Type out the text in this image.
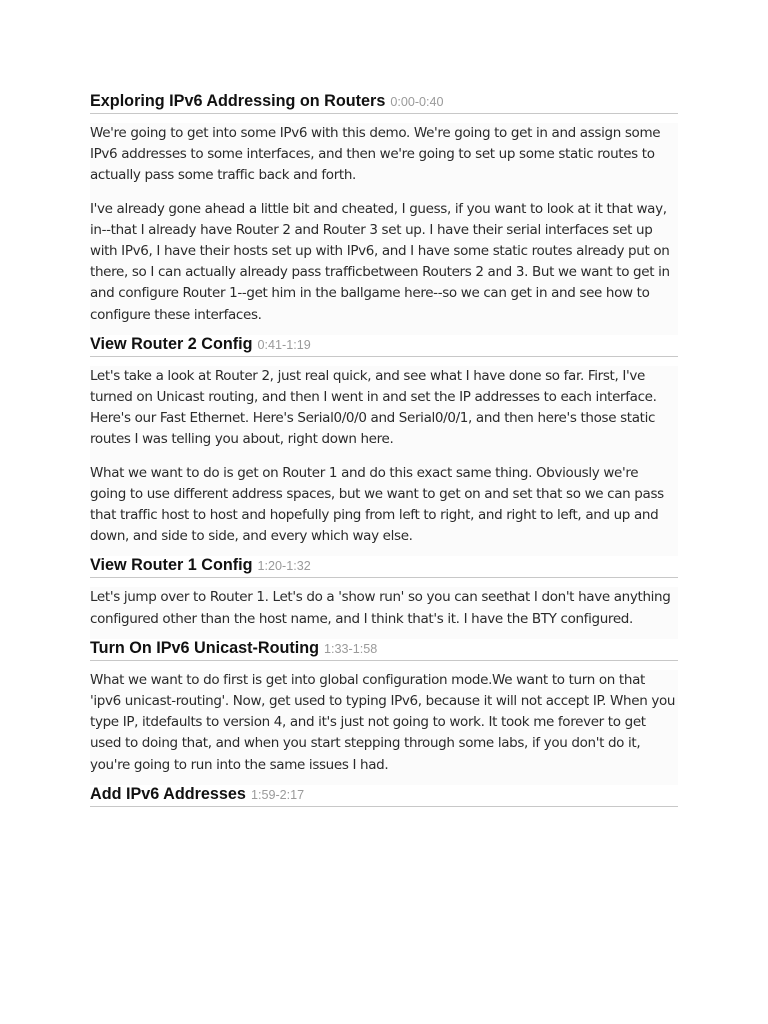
Exploring IPv6 Addressing on Routers 0:00-0:40

We're going to get into some IPv6 with this demo. We're going to get in and assign some IPv6 addresses to some interfaces, and then we're going to set up some static routes to actually pass some traffic back and forth.

I've already gone ahead a little bit and cheated, I guess, if you want to look at it that way, in--that I already have Router 2 and Router 3 set up. I have their serial interfaces set up with IPv6, I have their hosts set up with IPv6, and I have some static routes already put on there, so I can actually already pass trafficbetween Routers 2 and 3. But we want to get in and configure Router 1--get him in the ballgame here--so we can get in and see how to configure these interfaces.

View Router 2 Config 0:41-1:19

Let's take a look at Router 2, just real quick, and see what I have done so far. First, I've turned on Unicast routing, and then I went in and set the IP addresses to each interface. Here's our Fast Ethernet. Here's Serial0/0/0 and Serial0/0/1, and then here's those static routes I was telling you about, right down here.

What we want to do is get on Router 1 and do this exact same thing. Obviously we're going to use different address spaces, but we want to get on and set that so we can pass that traffic host to host and hopefully ping from left to right, and right to left, and up and down, and side to side, and every which way else.

View Router 1 Config 1:20-1:32

Let's jump over to Router 1. Let's do a 'show run' so you can seethat I don't have anything configured other than the host name, and I think that's it. I have the BTY configured.

Turn On IPv6 Unicast-Routing 1:33-1:58

What we want to do first is get into global configuration mode.We want to turn on that 'ipv6 unicast-routing'. Now, get used to typing IPv6, because it will not accept IP. When you type IP, itdefaults to version 4, and it's just not going to work. It took me forever to get used to doing that, and when you start stepping through some labs, if you don't do it, you're going to run into the same issues I had.

Add IPv6 Addresses 1:59-2:17
